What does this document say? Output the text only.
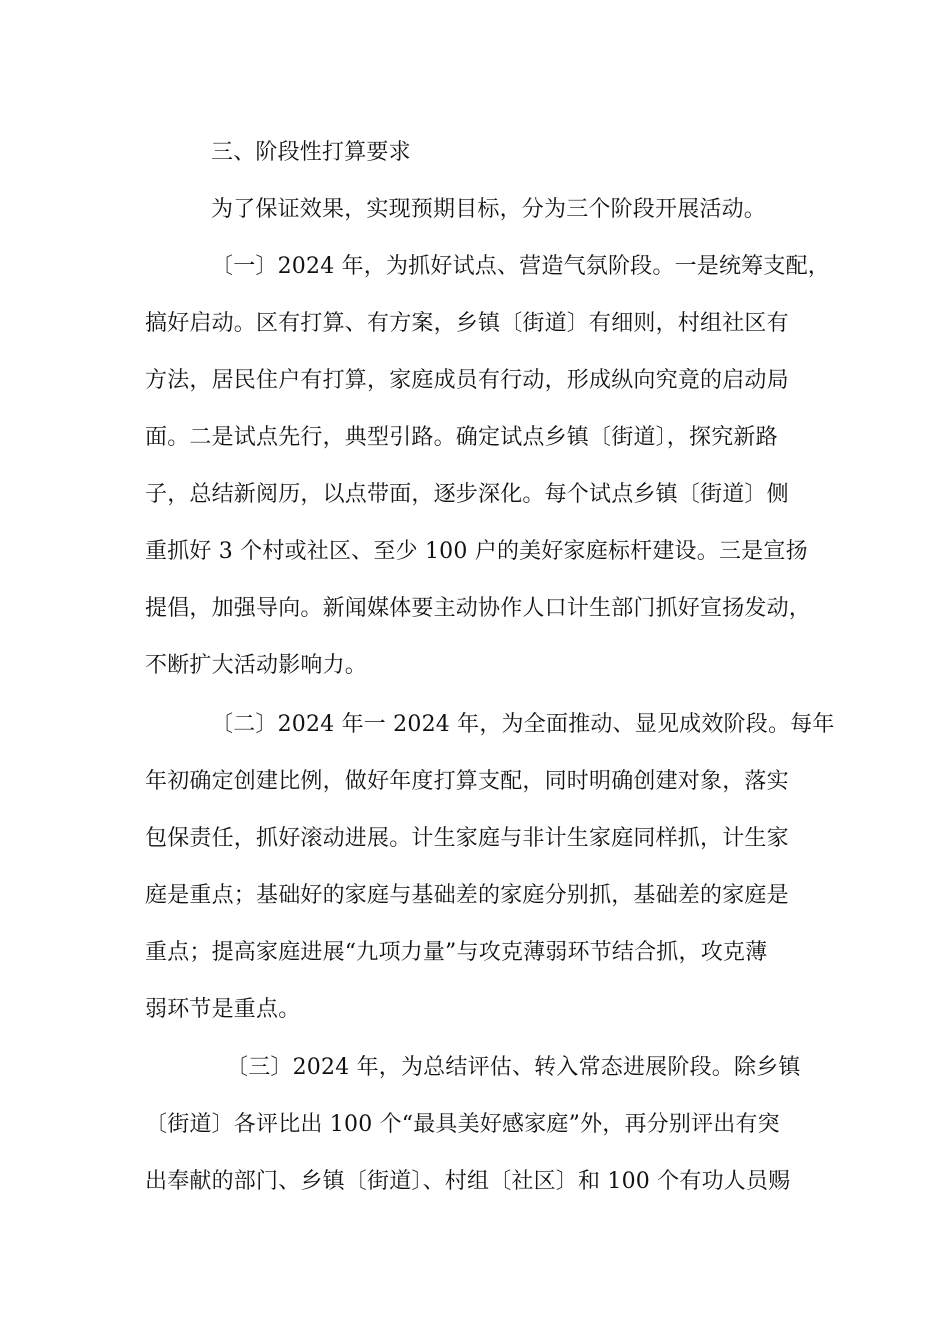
三、阶段性打算要求
为了保证效果，实现预期目标，分为三个阶段开展活动。
〔一〕2024 年，为抓好试点、营造气氛阶段。一是统筹支配，
搞好启动。区有打算、有方案，乡镇〔街道〕有细则，村组社区有
方法，居民住户有打算，家庭成员有行动，形成纵向究竟的启动局
面。二是试点先行，典型引路。确定试点乡镇〔街道〕，探究新路
子，总结新阅历，以点带面，逐步深化。每个试点乡镇〔街道〕侧
重抓好 3 个村或社区、至少 100 户的美好家庭标杆建设。三是宣扬
提倡，加强导向。新闻媒体要主动协作人口计生部门抓好宣扬发动，
不断扩大活动影响力。
〔二〕2024 年一 2024 年，为全面推动、显见成效阶段。每年
年初确定创建比例，做好年度打算支配，同时明确创建对象，落实
包保责任，抓好滚动进展。计生家庭与非计生家庭同样抓，计生家
庭是重点；基础好的家庭与基础差的家庭分别抓，基础差的家庭是
重点；提高家庭进展“九项力量”与攻克薄弱环节结合抓，攻克薄
弱环节是重点。
〔三〕2024 年，为总结评估、转入常态进展阶段。除乡镇
〔街道〕各评比出 100 个“最具美好感家庭”外，再分别评出有突
出奉献的部门、乡镇〔街道〕、村组〔社区〕和 100 个有功人员赐
